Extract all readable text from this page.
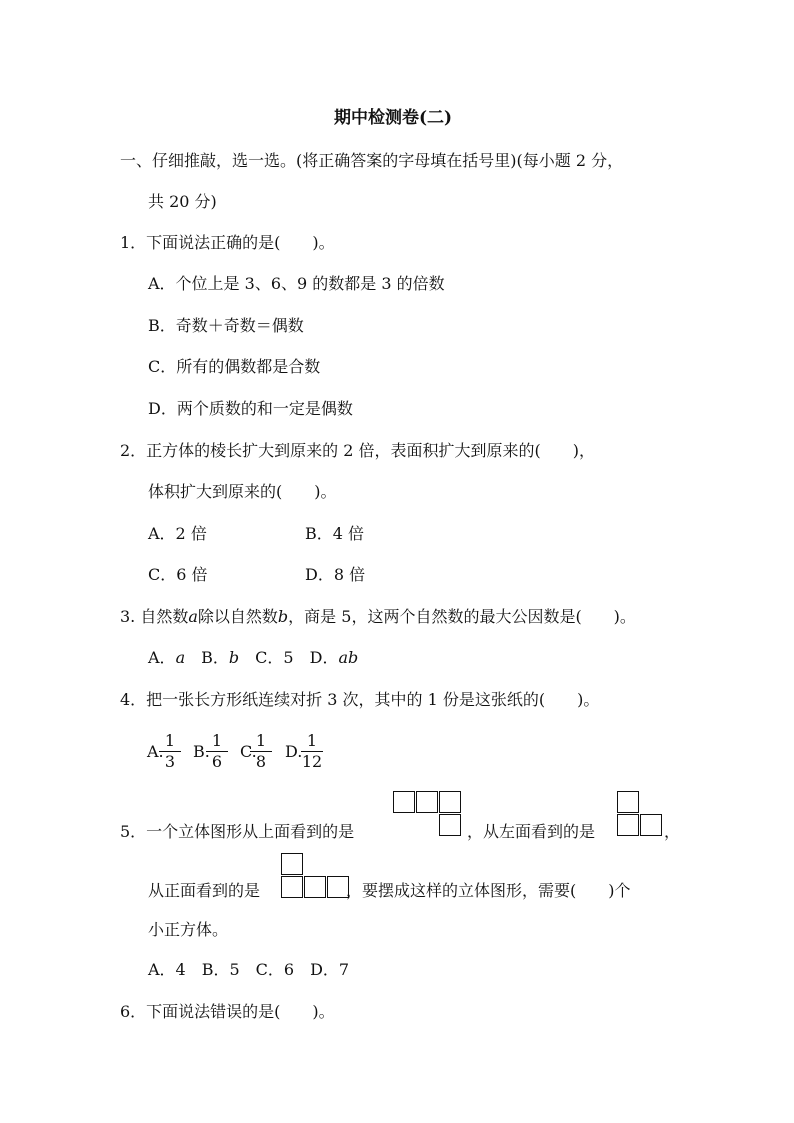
期中检测卷(二)
一、仔细推敲，选一选。(将正确答案的字母填在括号里)(每小题 2 分，
共 20 分)
1．下面说法正确的是(　　)。
A．个位上是 3、6、9 的数都是 3 的倍数
B．奇数＋奇数＝偶数
C．所有的偶数都是合数
D．两个质数的和一定是偶数
2．正方体的棱长扩大到原来的 2 倍，表面积扩大到原来的(　　)，
体积扩大到原来的(　　)。
A．2 倍	B．4 倍
C．6 倍	D．8 倍
3. 自然数a除以自然数b，商是 5，这两个自然数的最大公因数是(　　)。
A．a　 B．b　 C．5　 D．ab
4．把一张长方形纸连续对折 3 次，其中的 1 份是这张纸的(　　)。
A.
1
3
B.
1
6
C.
1
8
D.
1
12
5．一个立体图形从上面看到的是	，从左面看到的是	，
从正面看到的是	，要摆成这样的立体图形，需要(　　)个
小正方体。
A．4　B．5　C．6　D．7
6．下面说法错误的是(　　)。
